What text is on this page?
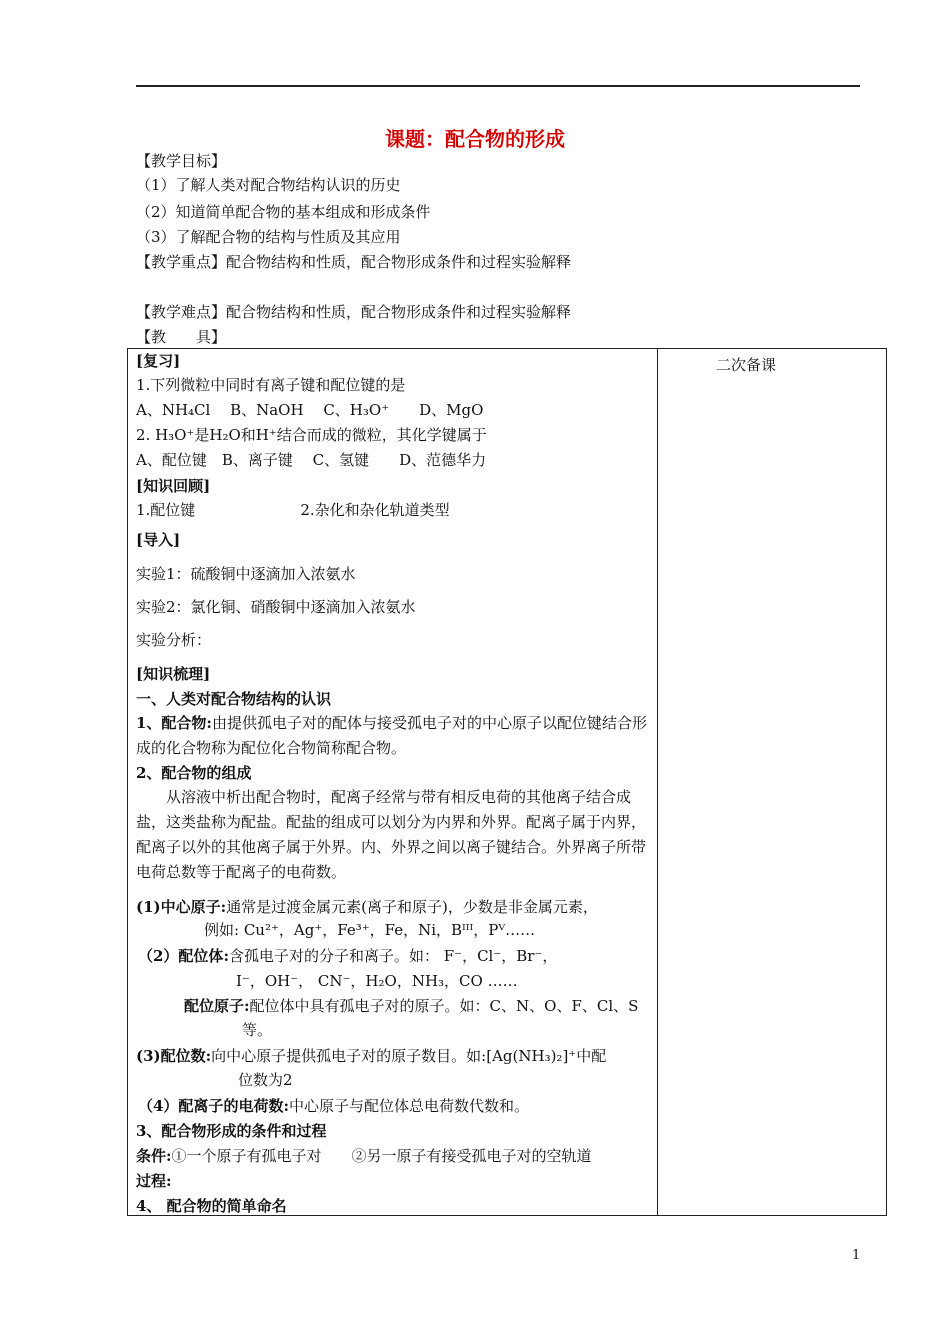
课题：配合物的形成
【教学目标】
（1）了解人类对配合物结构认识的历史
（2）知道简单配合物的基本组成和形成条件
（3）了解配合物的结构与性质及其应用
【教学重点】配合物结构和性质，配合物形成条件和过程实验解释
【教学难点】配合物结构和性质，配合物形成条件和过程实验解释
【教　　具】
二次备课
[复习]
1.下列微粒中同时有离子键和配位键的是
A、NH₄Cl　 B、NaOH　 C、H₃O⁺　　D、MgO
2. H₃O⁺是H₂O和H⁺结合而成的微粒，其化学键属于
A、配位键　B、离子键　 C、氢键　　D、范德华力
[知识回顾]
1.配位键　　　　　　　2.杂化和杂化轨道类型
[导入]
实验1：硫酸铜中逐滴加入浓氨水
实验2：氯化铜、硝酸铜中逐滴加入浓氨水
实验分析：
[知识梳理]
一、人类对配合物结构的认识
1、配合物:由提供孤电子对的配体与接受孤电子对的中心原子以配位键结合形成的化合物称为配位化合物简称配合物。
2、配合物的组成
从溶液中析出配合物时，配离子经常与带有相反电荷的其他离子结合成盐，这类盐称为配盐。配盐的组成可以划分为内界和外界。配离子属于内界，配离子以外的其他离子属于外界。内、外界之间以离子键结合。外界离子所带电荷总数等于配离子的电荷数。
(1)中心原子:通常是过渡金属元素(离子和原子)，少数是非金属元素，
例如: Cu²⁺，Ag⁺，Fe³⁺，Fe，Ni，Bᴵᴵᴵ，Pⱽ……
（2）配位体:含孤电子对的分子和离子。如： F⁻，Cl⁻，Br⁻，
I⁻，OH⁻， CN⁻，H₂O，NH₃，CO ……
配位原子:配位体中具有孤电子对的原子。如：C、N、O、F、Cl、S
等。
(3)配位数:向中心原子提供孤电子对的原子数目。如:[Ag(NH₃)₂]⁺中配
位数为2
（4）配离子的电荷数:中心原子与配位体总电荷数代数和。
3、配合物形成的条件和过程
条件:①一个原子有孤电子对　　②另一原子有接受孤电子对的空轨道
过程:
4、 配合物的简单命名
1
